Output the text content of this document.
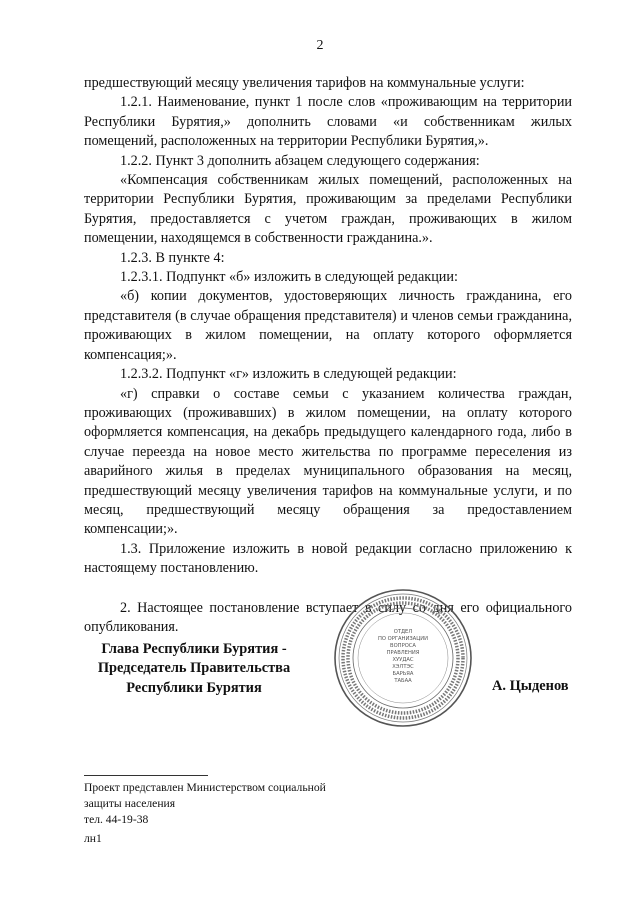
2

предшествующий месяцу увеличения тарифов на коммунальные услуги:

1.2.1. Наименование, пункт 1 после слов «проживающим на территории Республики Бурятия,» дополнить словами «и собственникам жилых помещений, расположенных на территории Республики Бурятия,».

1.2.2. Пункт 3 дополнить абзацем следующего содержания:

«Компенсация собственникам жилых помещений, расположенных на территории Республики Бурятия, проживающим за пределами Республики Бурятия, предоставляется с учетом граждан, проживающих в жилом помещении, находящемся в собственности гражданина.».

1.2.3. В пункте 4:

1.2.3.1. Подпункт «б» изложить в следующей редакции:

«б) копии документов, удостоверяющих личность гражданина, его представителя (в случае обращения представителя) и членов семьи гражданина, проживающих в жилом помещении, на оплату которого оформляется компенсация;».

1.2.3.2. Подпункт «г» изложить в следующей редакции:

«г) справки о составе семьи с указанием количества граждан, проживающих (проживавших) в жилом помещении, на оплату которого оформляется компенсация, на декабрь предыдущего календарного года, либо в случае переезда на новое место жительства по программе переселения из аварийного жилья в пределах муниципального образования на месяц, предшествующий месяцу увеличения тарифов на коммунальные услуги, и по месяц, предшествующий месяцу обращения за предоставлением компенсации;».

1.3. Приложение изложить в новой редакции согласно приложению к настоящему постановлению.

2. Настоящее постановление вступает в силу со дня его официального опубликования.

Глава Республики Бурятия -
Председатель Правительства
Республики Бурятия
ОТДЕЛ
ПО ОРГАНИЗАЦИИ
ВОПРОСА
ПРАВЛЕНИЯ
ХУУДАС
ХЭЛТЭС
БАРЬЯА
ТАБАА	А. Цыденов
Проект представлен Министерством социальной
защиты населения
тел. 44-19-38
лн1
